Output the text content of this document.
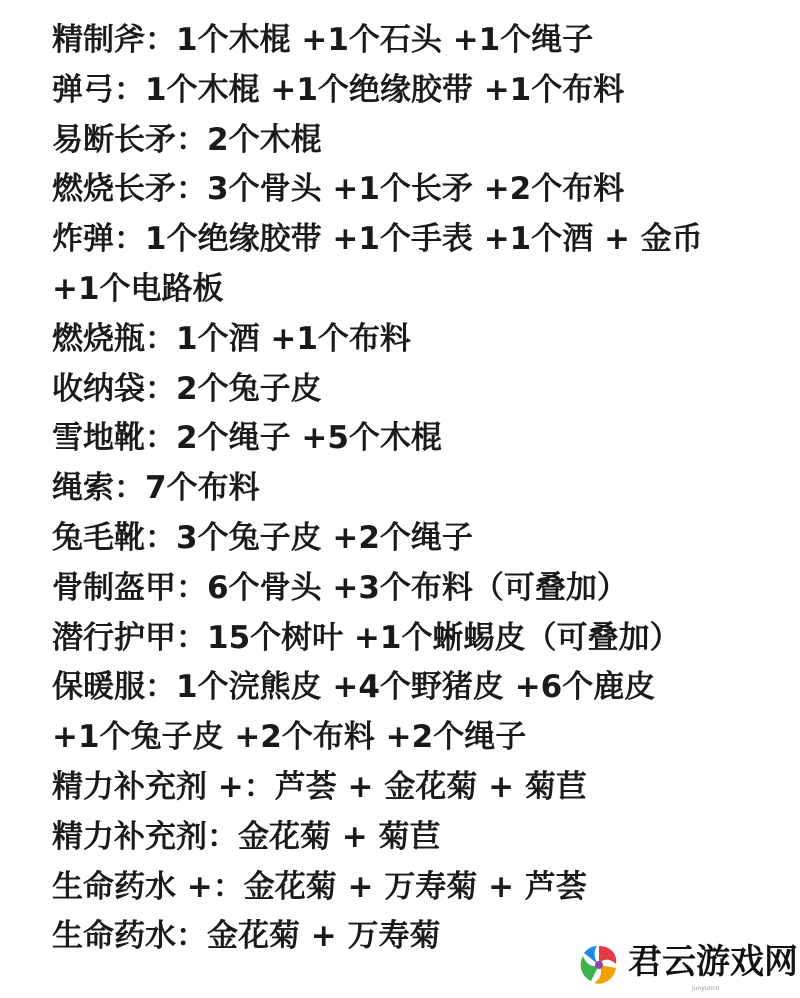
精制斧：1个木棍 +1个石头 +1个绳子
弹弓：1个木棍 +1个绝缘胶带 +1个布料
易断长矛：2个木棍
燃烧长矛：3个骨头 +1个长矛 +2个布料
炸弹：1个绝缘胶带 +1个手表 +1个酒 + 金币
+1个电路板
燃烧瓶：1个酒 +1个布料
收纳袋：2个兔子皮
雪地靴：2个绳子 +5个木棍
绳索：7个布料
兔毛靴：3个兔子皮 +2个绳子
骨制盔甲：6个骨头 +3个布料（可叠加）
潜行护甲：15个树叶 +1个蜥蜴皮（可叠加）
保暖服：1个浣熊皮 +4个野猪皮 +6个鹿皮
+1个兔子皮 +2个布料 +2个绳子
精力补充剂 +：芦荟 + 金花菊 + 菊苣
精力补充剂：金花菊 + 菊苣
生命药水 +：金花菊 + 万寿菊 + 芦荟
生命药水：金花菊 + 万寿菊
君云游戏网
junyuncn
